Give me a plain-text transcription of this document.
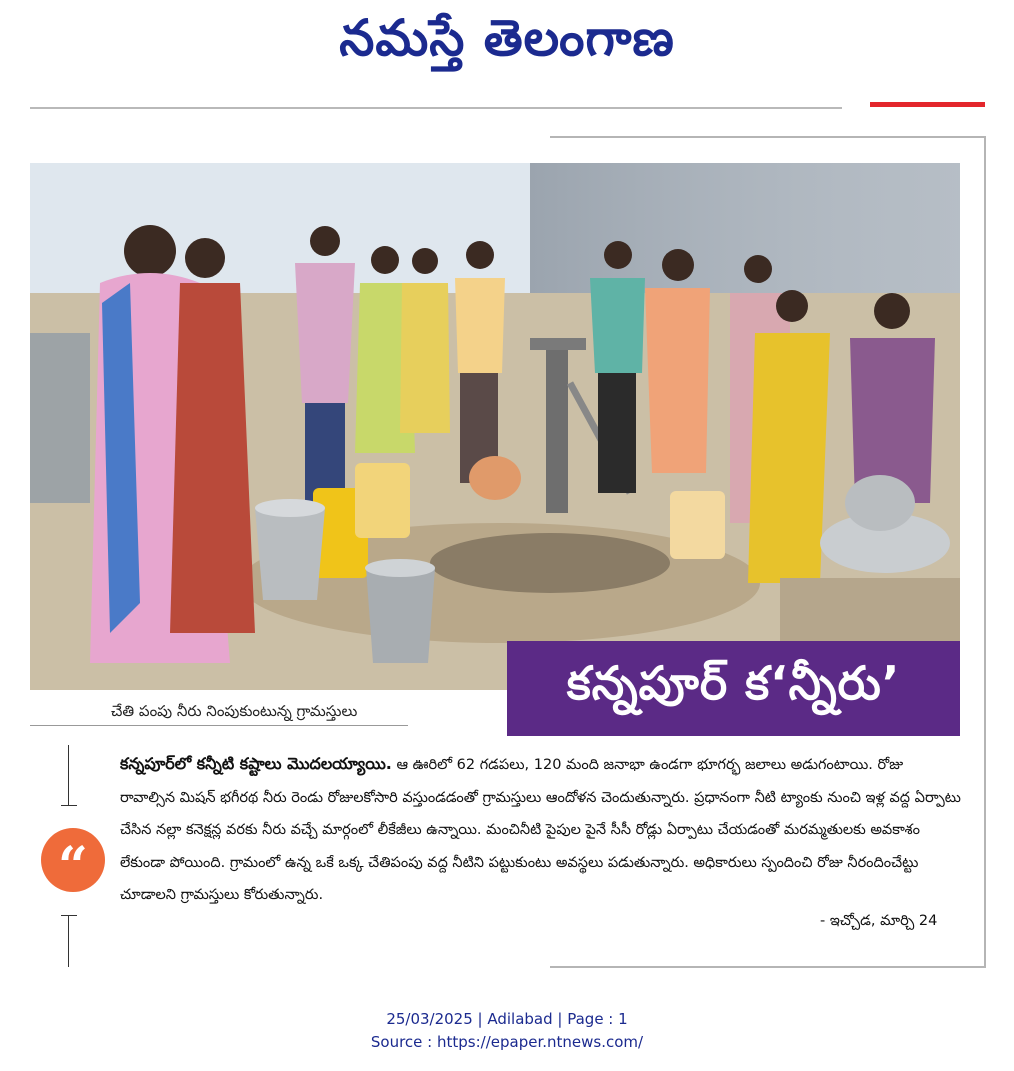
నమస్తే తెలంగాణ
చేతి పంపు నీరు నింపుకుంటున్న గ్రామస్తులు
కన్నపూర్ క‘న్నీరు’
“

కన్నపూర్‌లో కన్నీటి కష్టాలు మొదలయ్యాయి. ఆ ఊరిలో 62 గడపలు, 120 మంది జనాభా ఉండగా భూగర్భ జలాలు అడుగంటాయి. రోజు రావాల్సిన మిషన్ భగీరథ నీరు రెండు రోజులకోసారి వస్తుండడంతో గ్రామస్తులు ఆందోళన చెందుతున్నారు. ప్రధానంగా నీటి ట్యాంకు నుంచి ఇళ్ల వద్ద ఏర్పాటు చేసిన నల్లా కనెక్షన్ల వరకు నీరు వచ్చే మార్గంలో లీకేజీలు ఉన్నాయి. మంచినీటి పైపుల పైనే సీసీ రోడ్లు ఏర్పాటు చేయడంతో మరమ్మతులకు అవకాశం లేకుండా పోయింది. గ్రామంలో ఉన్న ఒకే ఒక్క చేతిపంపు వద్ద నీటిని పట్టుకుంటు అవస్థలు పడుతున్నారు. అధికారులు స్పందించి రోజు నీరందించేట్టు చూడాలని గ్రామస్తులు కోరుతున్నారు.

- ఇచ్చోడ, మార్చి 24
25/03/2025 | Adilabad | Page : 1
Source : https://epaper.ntnews.com/
